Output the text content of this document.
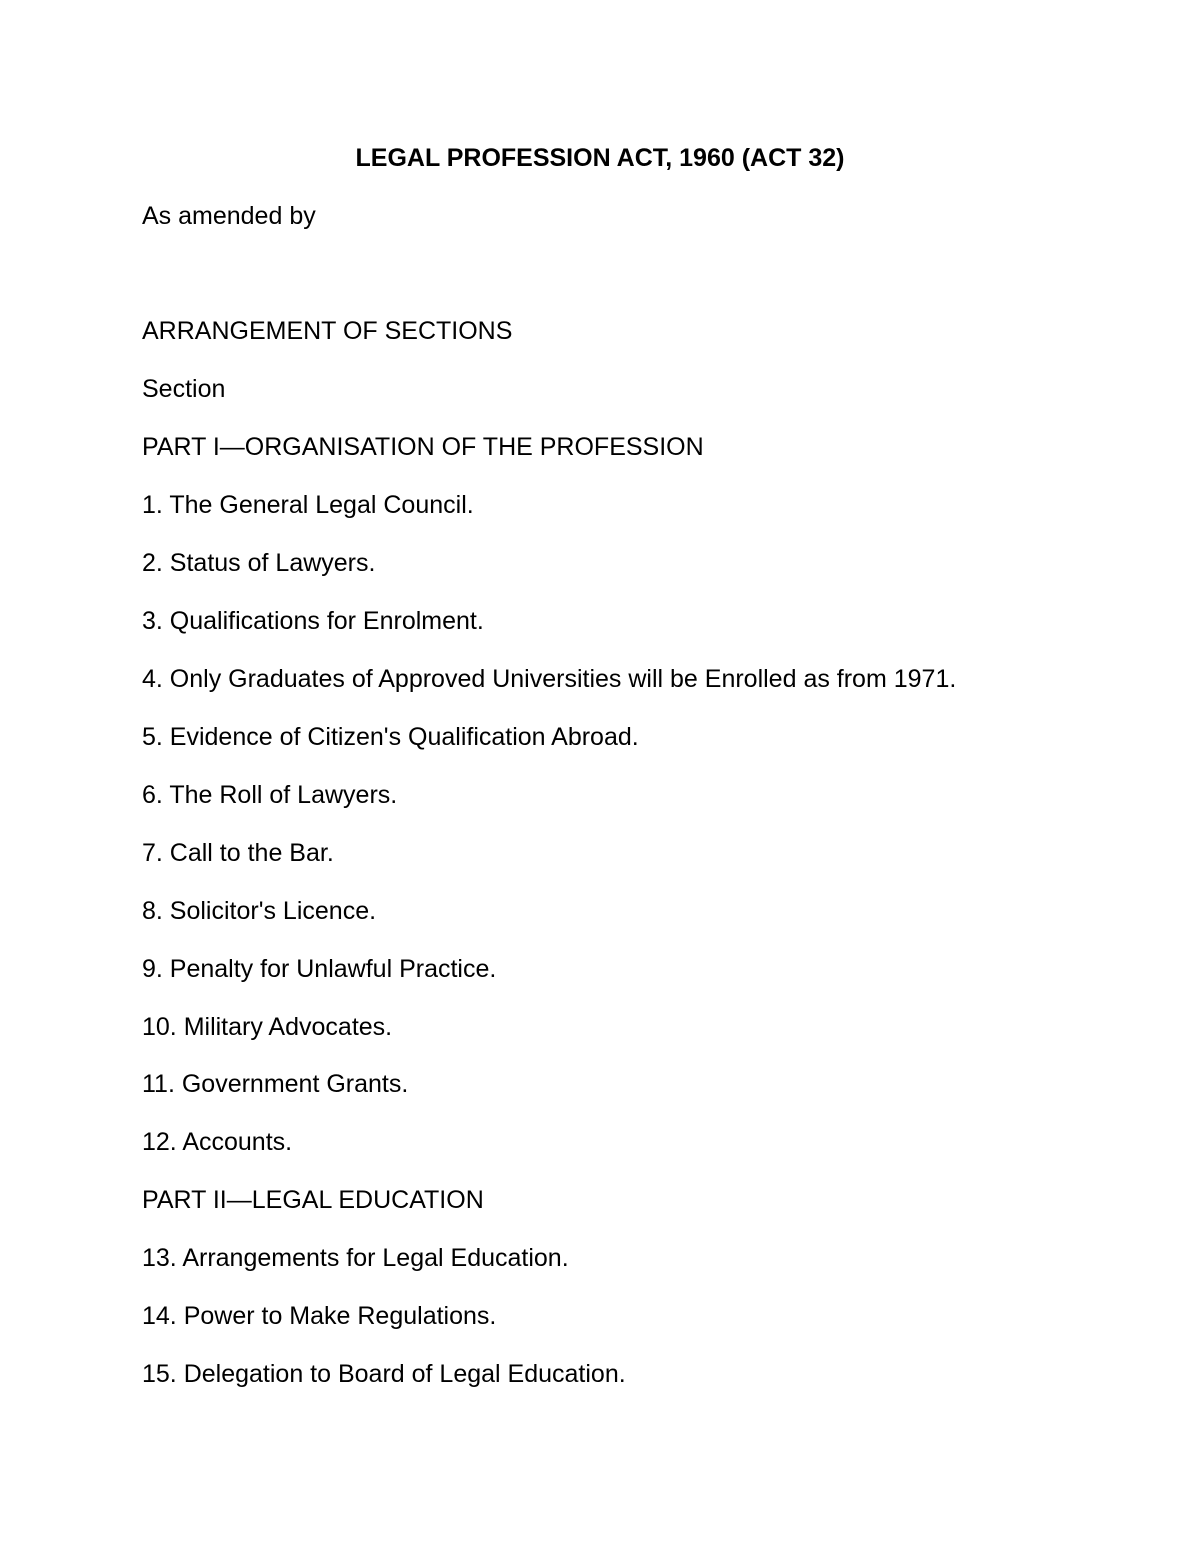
LEGAL PROFESSION ACT, 1960 (ACT 32)
As amended by
ARRANGEMENT OF SECTIONS
Section
PART I—ORGANISATION OF THE PROFESSION
1. The General Legal Council.
2. Status of Lawyers.
3. Qualifications for Enrolment.
4. Only Graduates of Approved Universities will be Enrolled as from 1971.
5. Evidence of Citizen's Qualification Abroad.
6. The Roll of Lawyers.
7. Call to the Bar.
8. Solicitor's Licence.
9. Penalty for Unlawful Practice.
10. Military Advocates.
11. Government Grants.
12. Accounts.
PART II—LEGAL EDUCATION
13. Arrangements for Legal Education.
14. Power to Make Regulations.
15. Delegation to Board of Legal Education.
